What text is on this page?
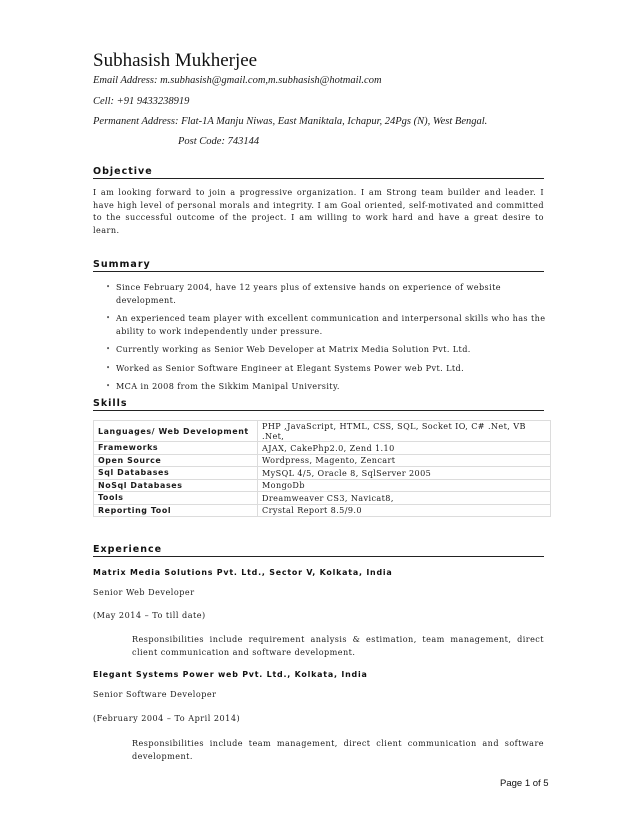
Subhasish Mukherjee
Email Address: m.subhasish@gmail.com,m.subhasish@hotmail.com
Cell: +91 9433238919
Permanent Address: Flat-1A Manju Niwas, East Maniktala, Ichapur, 24Pgs (N), West Bengal.
Post Code: 743144
Objective
I am looking forward to join a progressive organization. I am Strong team builder and leader. I have high level of personal morals and integrity. I am Goal oriented, self-motivated and committed to the successful outcome of the project. I am willing to work hard and have a great desire to learn.
Summary
• Since February 2004, have 12 years plus of extensive hands on experience of website development.
• An experienced team player with excellent communication and interpersonal skills who has the ability to work independently under pressure.
• Currently working as Senior Web Developer at Matrix Media Solution Pvt. Ltd.
• Worked as Senior Software Engineer at Elegant Systems Power web Pvt. Ltd.
• MCA in 2008 from the Sikkim Manipal University.
Skills
Languages/ Web Development	PHP ,JavaScript, HTML, CSS, SQL, Socket IO, C# .Net, VB .Net,
Frameworks	AJAX, CakePhp2.0, Zend 1.10
Open Source	Wordpress, Magento, Zencart
Sql Databases	MySQL 4/5, Oracle 8, SqlServer 2005
NoSql Databases	MongoDb
Tools	Dreamweaver CS3, Navicat8,
Reporting Tool	Crystal Report 8.5/9.0
Experience
Matrix Media Solutions Pvt. Ltd., Sector V, Kolkata, India
Senior Web Developer
(May 2014 – To till date)
Responsibilities include requirement analysis & estimation, team management, direct client communication and software development.
Elegant Systems Power web Pvt. Ltd., Kolkata, India
Senior Software Developer
(February 2004 – To April 2014)
Responsibilities include team management, direct client communication and software development.
Page 1 of 5
